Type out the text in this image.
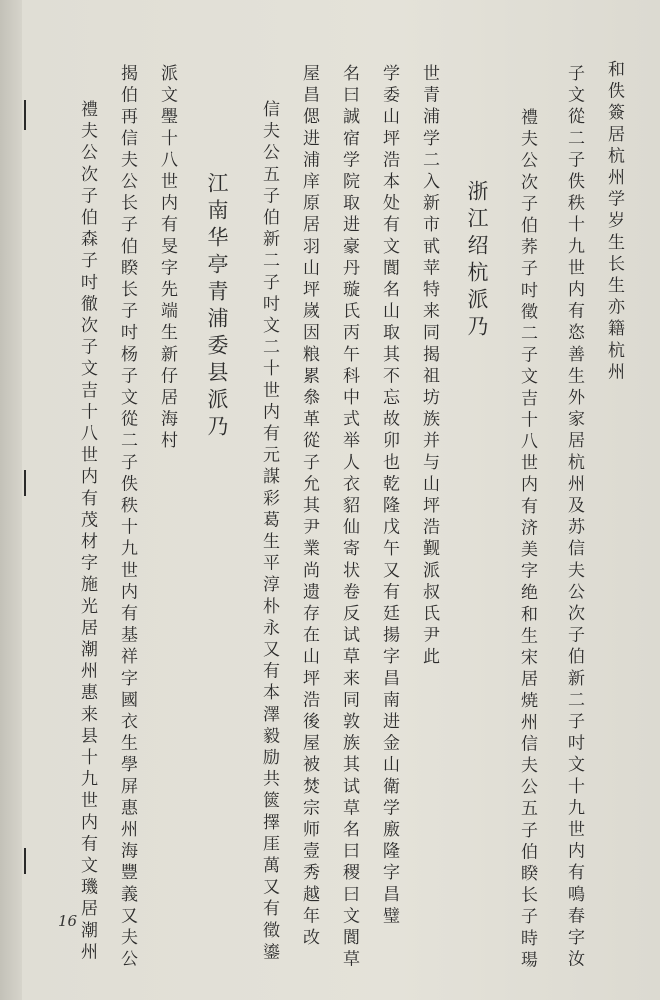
和佚簽居杭州学岁生长生亦籍杭州
子文從二子佚秩十九世内有恣善生外家居杭州及苏信夫公次子伯新二子吋文十九世内有鳴春字汝
禮夫公次子伯荞子吋徵二子文吉十八世内有济美字绝和生宋居焼州信夫公五子伯睽长子時瑒
浙江绍杭派乃
世青浦学二入新市甙苹特来同揭祖坊族并与山坪浩觐派叔氏尹此
学委山坪浩本处有文閬名山取其不忘故卯也乾隆戊午又有廷揚字昌南进金山衛学廒隆字昌璧
名曰誠宿学院取进豪丹璇氏丙午科中式举人衣貂仙寄状卷反试草来同敦族其试草名曰稷曰文閬草
屋昌偲进浦庠原居羽山坪嵗因粮累叅革從子允其尹業尚遗存在山坪浩後屋被焚宗师壹秀越年改
信夫公五子伯新二子吋文二十世内有元謀彩葛生平淳朴永又有本澤毅励共篋擇厓萬又有徵鎏
江南华亭青浦委县派乃
派文璺十八世内有旻字先端生新仔居海村
揭伯再信夫公长子伯睽长子吋杨子文從二子佚秩十九世内有基祥字國衣生學屏惠州海豐義又夫公
禮夫公次子伯森子吋徹次子文吉十八世内有茂材字施光居潮州惠来县十九世内有文璣居潮州
16
